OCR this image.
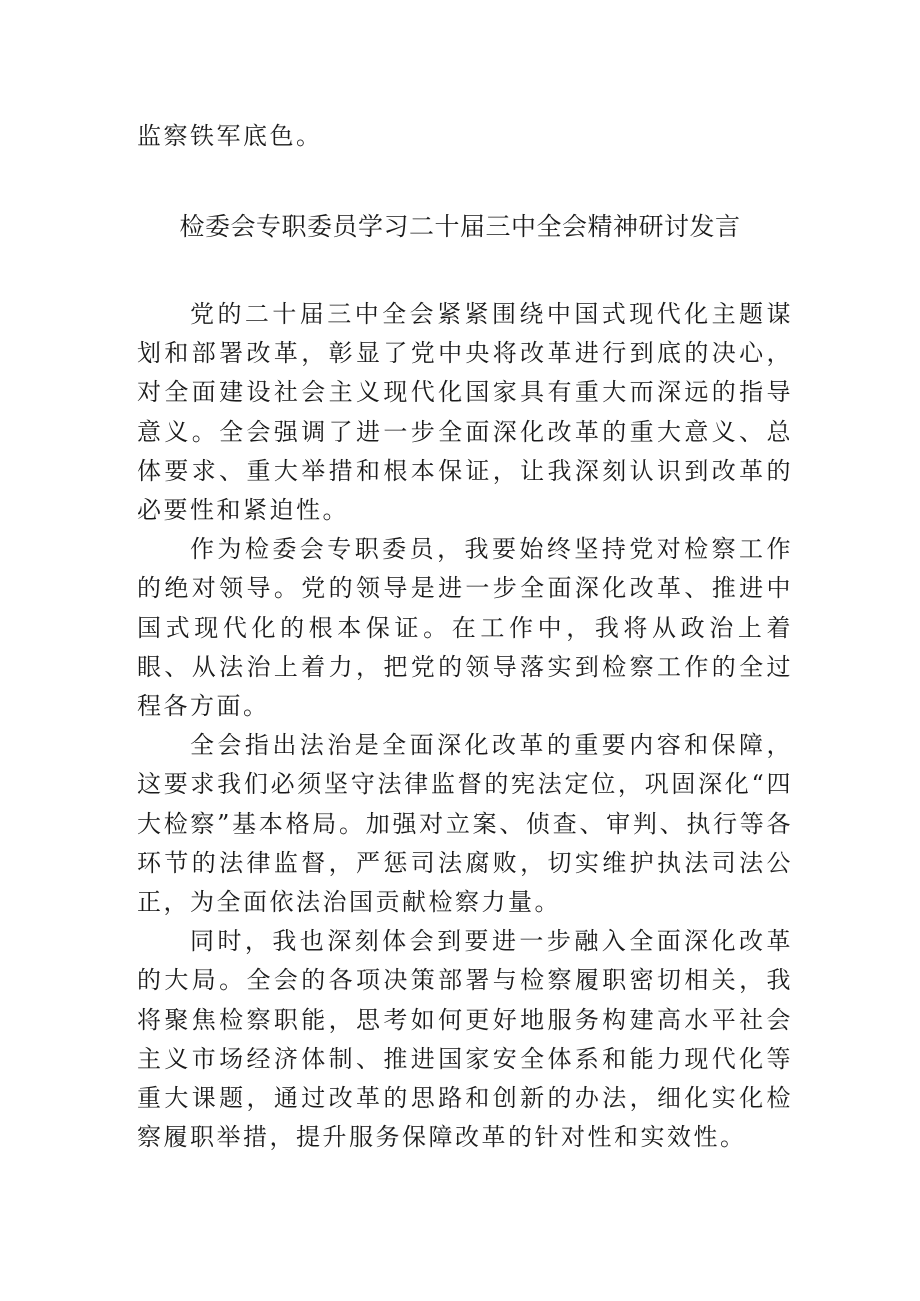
监察铁军底色。

检委会专职委员学习二十届三中全会精神研讨发言

党的二十届三中全会紧紧围绕中国式现代化主题谋划和部署改革，彰显了党中央将改革进行到底的决心，对全面建设社会主义现代化国家具有重大而深远的指导意义。全会强调了进一步全面深化改革的重大意义、总体要求、重大举措和根本保证，让我深刻认识到改革的必要性和紧迫性。

作为检委会专职委员，我要始终坚持党对检察工作的绝对领导。党的领导是进一步全面深化改革、推进中国式现代化的根本保证。在工作中，我将从政治上着眼、从法治上着力，把党的领导落实到检察工作的全过程各方面。

全会指出法治是全面深化改革的重要内容和保障，这要求我们必须坚守法律监督的宪法定位，巩固深化“四大检察”基本格局。加强对立案、侦查、审判、执行等各环节的法律监督，严惩司法腐败，切实维护执法司法公正，为全面依法治国贡献检察力量。

同时，我也深刻体会到要进一步融入全面深化改革的大局。全会的各项决策部署与检察履职密切相关，我将聚焦检察职能，思考如何更好地服务构建高水平社会主义市场经济体制、推进国家安全体系和能力现代化等重大课题，通过改革的思路和创新的办法，细化实化检察履职举措，提升服务保障改革的针对性和实效性。
